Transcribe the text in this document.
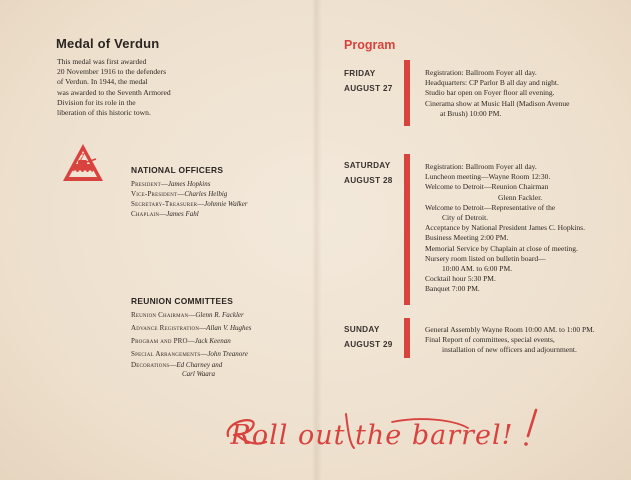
Medal of Verdun
This medal was first awarded
20 November 1916 to the defenders
of Verdun. In 1944, the medal
was awarded to the Seventh Armored
Division for its role in the
liberation of this historic town.
7
NATIONAL OFFICERS
President—James Hopkins
Vice-President—Charles Helbig
Secretary-Treasurer—Johnnie Walker
Chaplain—James Fahl
REUNION COMMITTEES
Reunion Chairman—Glenn R. Fackler
Advance Registration—Allan V. Hughes
Program and PRO—Jack Keenan
Special Arrangements—John Treanore
Decorations—Ed Charney and
Carl Waara
Program
FRIDAY
AUGUST 27
Registration: Ballroom Foyer all day.
Headquarters: CP Parlor B all day and night.
Studio bar open on Foyer floor all evening.
Cinerama show at Music Hall (Madison Avenue
at Brush) 10:00 PM.
SATURDAY
AUGUST 28
Registration: Ballroom Foyer all day.
Luncheon meeting—Wayne Room 12:30.
Welcome to Detroit—Reunion Chairman
Glenn Fackler.
Welcome to Detroit—Representative of the
City of Detroit.
Acceptance by National President James C. Hopkins.
Business Meeting 2:00 PM.
Memorial Service by Chaplain at close of meeting.
Nursery room listed on bulletin board—
10:00 AM. to 6:00 PM.
Cocktail hour 5:30 PM.
Banquet 7:00 PM.
SUNDAY
AUGUST 29
General Assembly Wayne Room 10:00 AM. to 1:00 PM.
Final Report of committees, special events,
installation of new officers and adjournment.
Roll out the barrel!
